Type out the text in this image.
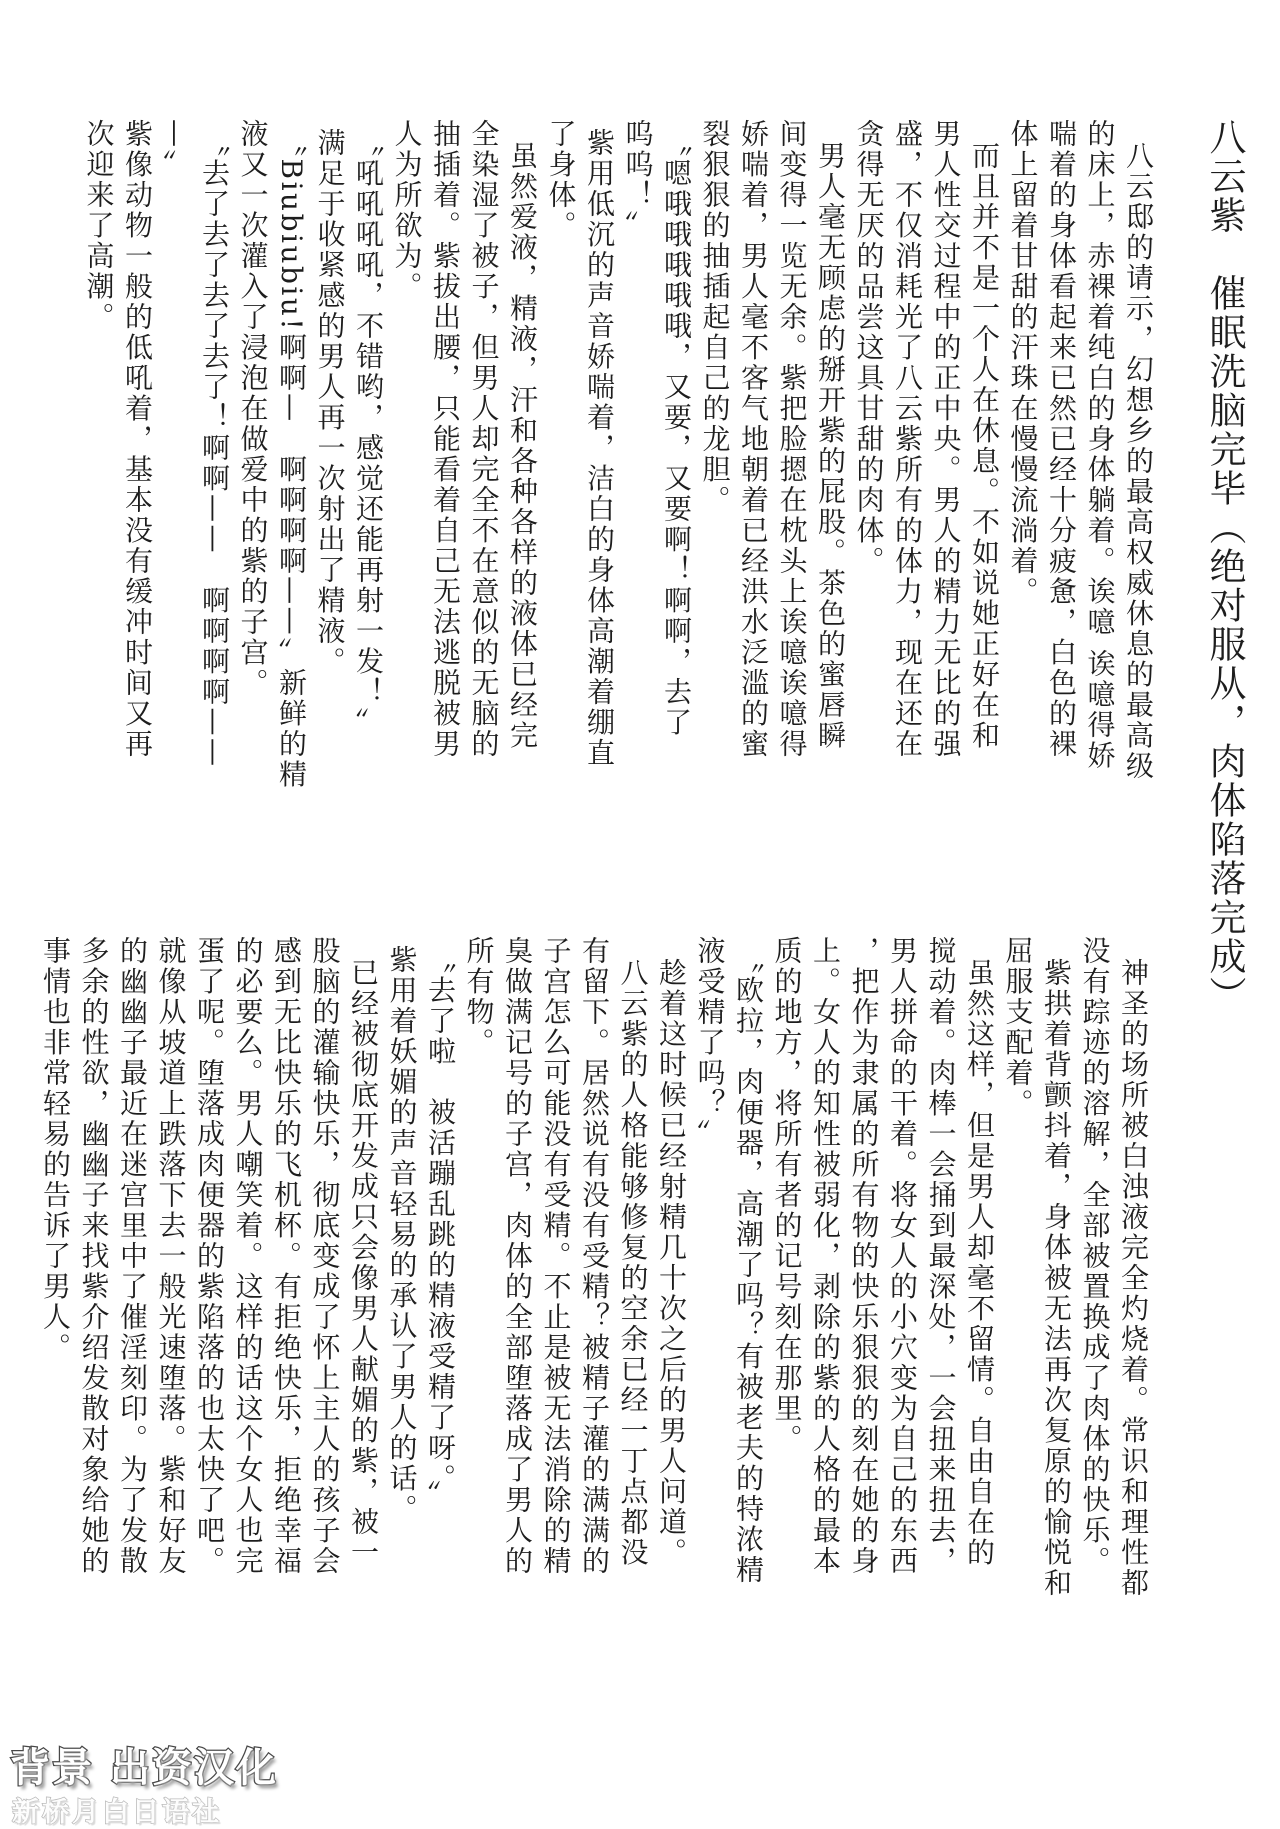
八云紫　催眠洗脑完毕（绝对服从，肉体陷落完成）
八云邸的请示，幻想乡的最高权威休息的最高级
的床上，赤裸着纯白的身体躺着。诶噫 诶噫得娇
喘着的身体看起来已然已经十分疲惫，白色的裸
体上留着甘甜的汗珠在慢慢流淌着。
而且并不是一个人在休息。不如说她正好在和
男人性交过程中的正中央。男人的精力无比的强
盛，不仅消耗光了八云紫所有的体力，现在还在
贪得无厌的品尝这具甘甜的肉体。
男人毫无顾虑的掰开紫的屁股。茶色的蜜唇瞬
间变得一览无余。紫把脸摁在枕头上诶噫诶噫得
娇喘着，男人毫不客气地朝着已经洪水泛滥的蜜
裂狠狠的抽插起自己的龙胆。
〝嗯哦哦哦哦哦，又要，又要啊！啊啊，去了
呜呜！〟
紫用低沉的声音娇喘着，洁白的身体高潮着绷直
了身体。
虽然爱液，精液，汗和各种各样的液体已经完
全染湿了被子，但男人却完全不在意似的无脑的
抽插着。紫拔出腰，只能看着自己无法逃脱被男
人为所欲为。
〝吼吼吼吼，不错哟，感觉还能再射一发！〟
满足于收紧感的男人再一次射出了精液。
〝Biubiubiu!啊啊—　啊啊啊啊——〟新鲜的精
液又一次灌入了浸泡在做爱中的紫的子宫。
〝去了去了去了去了！啊啊——　啊啊啊啊——
—〟
紫像动物一般的低吼着，基本没有缓冲时间又再
次迎来了高潮。
神圣的场所被白浊液完全灼烧着。常识和理性都
没有踪迹的溶解，全部被置换成了肉体的快乐。
紫拱着背颤抖着，身体被无法再次复原的愉悦和
屈服支配着。
虽然这样，但是男人却毫不留情。自由自在的
搅动着。肉棒一会捅到最深处，一会扭来扭去，
男人拼命的干着。将女人的小穴变为自己的东西
，把作为隶属的所有物的快乐狠狠的刻在她的身
上。女人的知性被弱化，剥除的紫的人格的最本
质的地方，将所有者的记号刻在那里。
〝欧拉，肉便器，高潮了吗？有被老夫的特浓精
液受精了吗？〟
趁着这时候已经射精几十次之后的男人问道。
八云紫的人格能够修复的空余已经一丁点都没
有留下。居然说有没有受精？被精子灌的满满的
子宫怎么可能没有受精。不止是被无法消除的精
臭做满记号的子宫，肉体的全部堕落成了男人的
所有物。
〝去了啦　被活蹦乱跳的精液受精了呀。〟
紫用着妖媚的声音轻易的承认了男人的话。
已经被彻底开发成只会像男人献媚的紫，被一
股脑的灌输快乐，彻底变成了怀上主人的孩子会
感到无比快乐的飞机杯。有拒绝快乐，拒绝幸福
的必要么。男人嘲笑着。这样的话这个女人也完
蛋了呢。堕落成肉便器的紫陷落的也太快了吧。
就像从坡道上跌落下去一般光速堕落。紫和好友
的幽幽子最近在迷宫里中了催淫刻印。为了发散
多余的性欲，幽幽子来找紫介绍发散对象给她的
事情也非常轻易的告诉了男人。
背景 出资汉化
新桥月白日语社
